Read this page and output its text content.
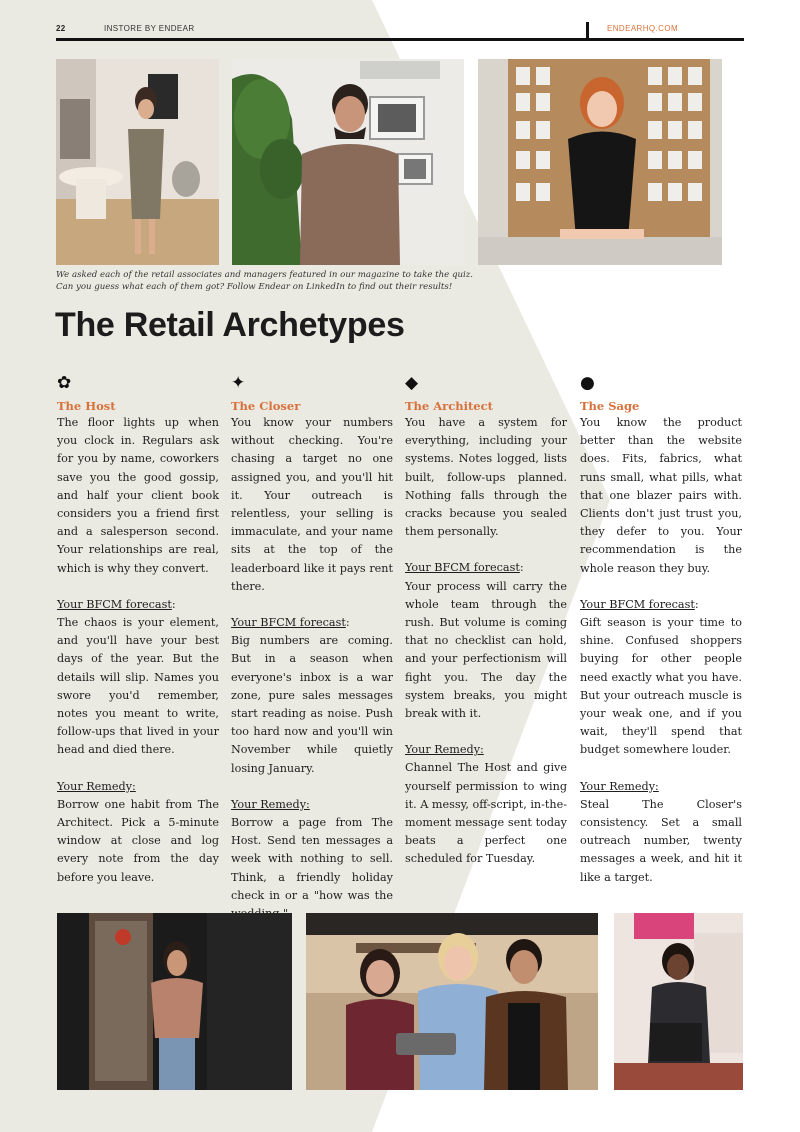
22	INSTORE BY ENDEAR	ENDEARHQ.COM
We asked each of the retail associates and managers featured in our magazine to take the quiz.
Can you guess what each of them got? Follow Endear on LinkedIn to find out their results!
The Retail Archetypes
✿
The Host

The floor lights up when you clock in. Regulars ask for you by name, coworkers save you the good gossip, and half your client book considers you a friend first and a salesperson second. Your relationships are real, which is why they convert.

Your BFCM forecast:

The chaos is your element, and you'll have your best days of the year. But the details will slip. Names you swore you'd remember, notes you meant to write, follow-ups that lived in your head and died there.

Your Remedy:

Borrow one habit from The Architect. Pick a 5-minute window at close and log every note from the day before you leave.

✦
The Closer

You know your numbers without checking. You're chasing a target no one assigned you, and you'll hit it. Your outreach is relentless, your selling is immaculate, and your name sits at the top of the leaderboard like it pays rent there.

Your BFCM forecast:

Big numbers are coming. But in a season when everyone's inbox is a war zone, pure sales messages start reading as noise. Push too hard now and you'll win November while quietly losing January.

Your Remedy:

Borrow a page from The Host. Send ten messages a week with nothing to sell. Think, a friendly holiday check in or a "how was the

◆
The Architect

You have a system for everything, including your systems. Notes logged, lists built, follow-ups planned. Nothing falls through the cracks because you sealed them personally.

Your BFCM forecast:

Your process will carry the whole team through the rush. But volume is coming that no checklist can hold, and your perfectionism will fight you. The day the system breaks, you might break with it.

Your Remedy:

Channel The Host and give yourself permission to wing it. A messy, off-script, in-the-moment message sent today beats a perfect one scheduled for Tuesday.

●
The Sage

You know the product better than the website does. Fits, fabrics, what runs small, what pills, what that one blazer pairs with. Clients don't just trust you, they defer to you. Your recommendation is the whole reason they buy.

Your BFCM forecast:

Gift season is your time to shine. Confused shoppers buying for other people need exactly what you have. But your outreach muscle is your weak one, and if you wait, they'll spend that budget somewhere louder.

Your Remedy:

Steal The Closer's consistency. Set a small outreach number, twenty messages a week, and hit it like a target.
